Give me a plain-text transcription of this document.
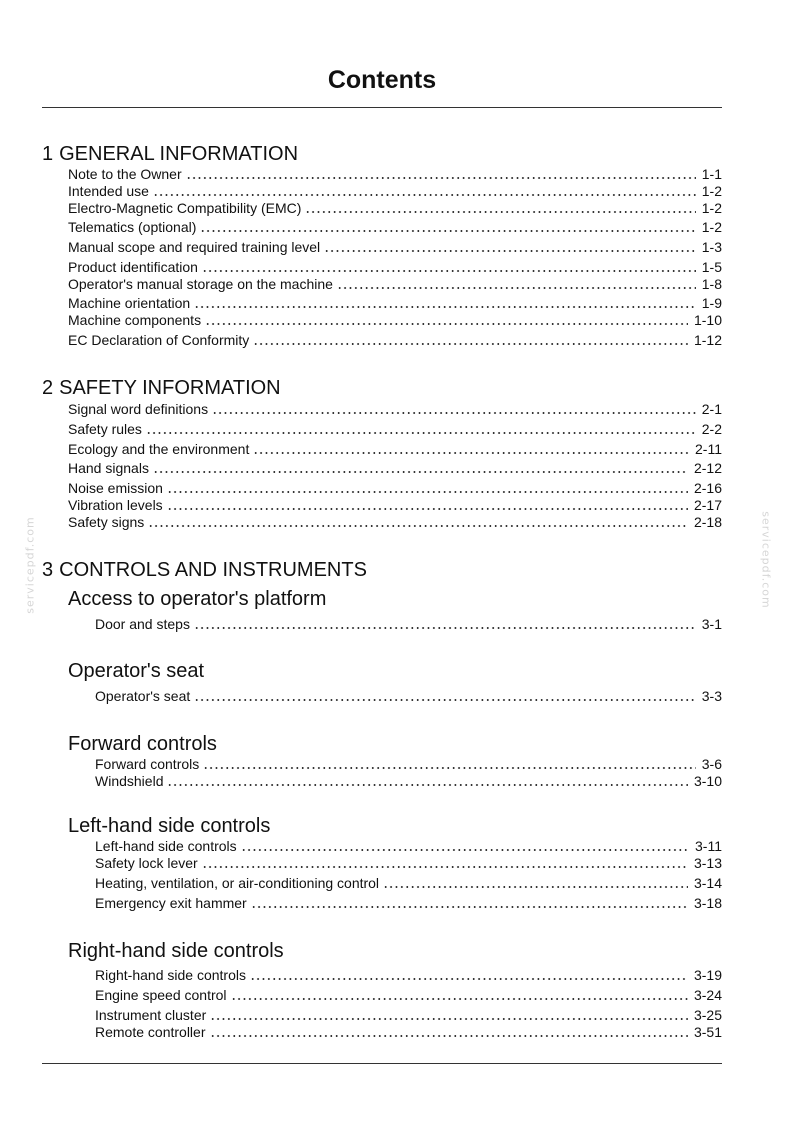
Contents
1 GENERAL INFORMATION
Note to the Owner	1-1
Intended use	1-2
Electro-Magnetic Compatibility (EMC)	1-2
Telematics (optional)	1-2
Manual scope and required training level	1-3
Product identification	1-5
Operator's manual storage on the machine	1-8
Machine orientation	1-9
Machine components	1-10
EC Declaration of Conformity	1-12
2 SAFETY INFORMATION
Signal word definitions	2-1
Safety rules	2-2
Ecology and the environment	2-11
Hand signals	2-12
Noise emission	2-16
Vibration levels	2-17
Safety signs	2-18
3 CONTROLS AND INSTRUMENTS
Access to operator's platform
Door and steps	3-1
Operator's seat
Operator's seat	3-3
Forward controls
Forward controls	3-6
Windshield	3-10
Left-hand side controls
Left-hand side controls	3-11
Safety lock lever	3-13
Heating, ventilation, or air-conditioning control	3-14
Emergency exit hammer	3-18
Right-hand side controls
Right-hand side controls	3-19
Engine speed control	3-24
Instrument cluster	3-25
Remote controller	3-51
servicepdf.com	servicepdf.com
